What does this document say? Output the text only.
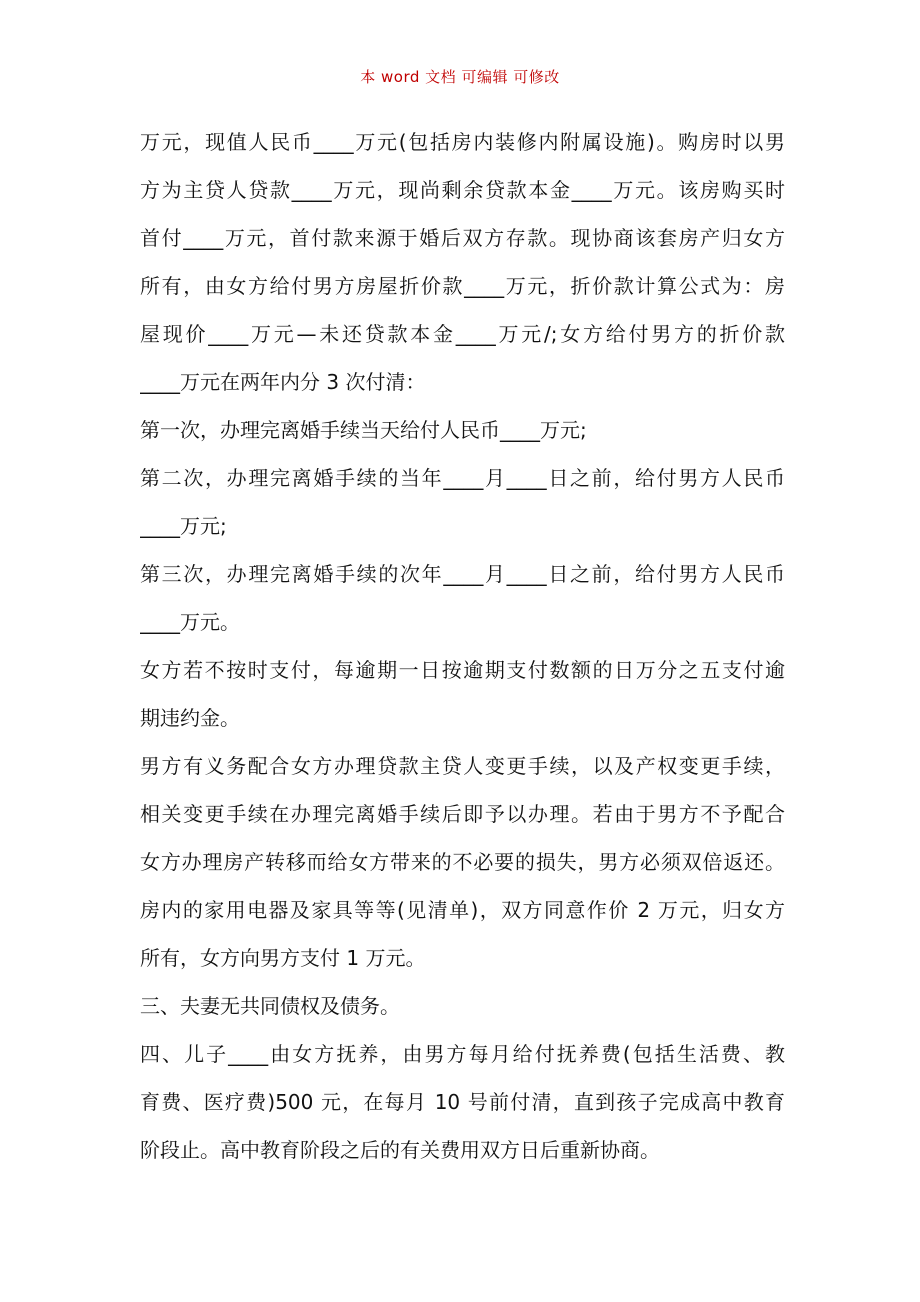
本 word 文档 可编辑 可修改
万元，现值人民币____万元(包括房内装修内附属设施)。购房时以男
方为主贷人贷款____万元，现尚剩余贷款本金____万元。该房购买时
首付____万元，首付款来源于婚后双方存款。现协商该套房产归女方
所有，由女方给付男方房屋折价款____万元，折价款计算公式为：房
屋现价____万元—未还贷款本金____万元/;女方给付男方的折价款
____万元在两年内分 3 次付清：
第一次，办理完离婚手续当天给付人民币____万元;
第二次，办理完离婚手续的当年____月____日之前，给付男方人民币
____万元;
第三次，办理完离婚手续的次年____月____日之前，给付男方人民币
____万元。
女方若不按时支付，每逾期一日按逾期支付数额的日万分之五支付逾
期违约金。
男方有义务配合女方办理贷款主贷人变更手续，以及产权变更手续，
相关变更手续在办理完离婚手续后即予以办理。若由于男方不予配合
女方办理房产转移而给女方带来的不必要的损失，男方必须双倍返还。
房内的家用电器及家具等等(见清单)，双方同意作价 2 万元，归女方
所有，女方向男方支付 1 万元。
三、夫妻无共同债权及债务。
四、儿子____由女方抚养，由男方每月给付抚养费(包括生活费、教
育费、医疗费)500 元，在每月 10 号前付清，直到孩子完成高中教育
阶段止。高中教育阶段之后的有关费用双方日后重新协商。
